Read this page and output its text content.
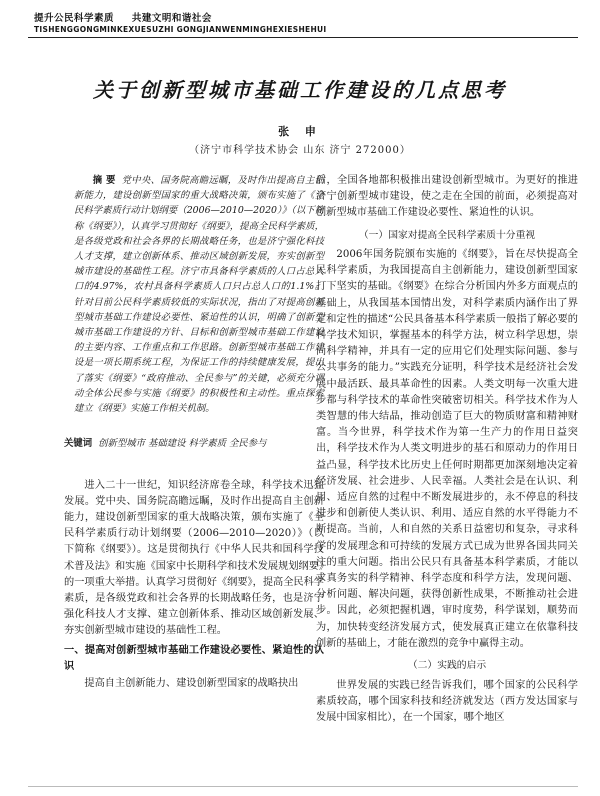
提升公民科学素质 共建文明和谐社会
TISHENGGONGMINKEXUESUZHI GONGJIANWENMINGHEXIESHEHUI
关于创新型城市基础工作建设的几点思考
张 申
（济宁市科学技术协会 山东 济宁 272000）

摘 要 党中央、国务院高瞻远瞩，及时作出提高自主创新能力，建设创新型国家的重大战略决策，颁布实施了《全民科学素质行动计划纲要（2006—2010—2020）》（以下简称《纲要》），认真学习贯彻好《纲要》，提高全民科学素质，是各级党政和社会各界的长期战略任务，也是济宁强化科技人才支撑，建立创新体系、推动区域创新发展，夯实创新型城市建设的基础性工程。济宁市具备科学素质的人口占总人口的4.97%，农村具备科学素质人口只占总人口的1.1%。针对目前公民科学素质较低的实际状况，指出了对提高创新型城市基础工作建设必要性、紧迫性的认识，明确了创新型城市基础工作建设的方针、目标和创新型城市基础工作建设的主要内容、工作重点和工作思路。创新型城市基础工作建设是一项长期系统工程，为保证工作的持续健康发展，提出了落实《纲要》“政府推动、全民参与”的关键，必须充分调动全体公民参与实施《纲要》的积极性和主动性。重点探索建立《纲要》实施工作相关机制。

关键词 创新型城市 基础建设 科学素质 全民参与

进入二十一世纪，知识经济席卷全球，科学技术迅猛发展。党中央、国务院高瞻远瞩，及时作出提高自主创新能力，建设创新型国家的重大战略决策，颁布实施了《全民科学素质行动计划纲要（2006—2010—2020）》（以下简称《纲要》）。这是贯彻执行《中华人民共和国科学技术普及法》和实施《国家中长期科学和技术发展规划纲要》的一项重大举措。认真学习贯彻好《纲要》，提高全民科学素质，是各级党政和社会各界的长期战略任务，也是济宁强化科技人才支撑、建立创新体系、推动区域创新发展、夯实创新型城市建设的基础性工程。

一、提高对创新型城市基础工作建设必要性、紧迫性的认识

提高自主创新能力、建设创新型国家的战略抉出

后，全国各地都积极推出建设创新型城市。为更好的推进济宁创新型城市建设，使之走在全国的前面，必须提高对创新型城市基础工作建设必要性、紧迫性的认识。

（一）国家对提高全民科学素质十分重视

2006年国务院颁布实施的《纲要》，旨在尽快提高全民科学素质，为我国提高自主创新能力，建设创新型国家打下坚实的基础。《纲要》在综合分析国内外多方面观点的基础上，从我国基本国情出发，对科学素质内涵作出了界定和定性的描述“公民具备基本科学素质一般指了解必要的科学技术知识，掌握基本的科学方法，树立科学思想，崇尚科学精神，并具有一定的应用它们处理实际问题、参与公共事务的能力。”实践充分证明，科学技术是经济社会发展中最活跃、最具革命性的因素。人类文明每一次重大进步都与科学技术的革命性突破密切相关。科学技术作为人类智慧的伟大结晶，推动创造了巨大的物质财富和精神财富。当今世界，科学技术作为第一生产力的作用日益突出，科学技术作为人类文明进步的基石和原动力的作用日益凸显，科学技术比历史上任何时期都更加深刻地决定着经济发展、社会进步、人民幸福。人类社会是在认识、利用、适应自然的过程中不断发展进步的，永不停息的科技进步和创新使人类认识、利用、适应自然的水平得能力不断提高。当前，人和自然的关系日益密切和复杂，寻求科学的发展理念和可持续的发展方式已成为世界各国共同关注的重大问题。指出公民只有具备基本科学素质，才能以求真务实的科学精神、科学态度和科学方法，发现问题、分析问题、解决问题，获得创新性成果，不断推动社会进步。因此，必须把握机遇，审时度势，科学谋划，顺势而为，加快转变经济发展方式，使发展真正建立在依靠科技创新的基础上，才能在激烈的竞争中赢得主动。

（二）实践的启示

世界发展的实践已经告诉我们，哪个国家的公民科学素质较高，哪个国家科技和经济就发达（西方发达国家与发展中国家相比），在一个国家，哪个地区
